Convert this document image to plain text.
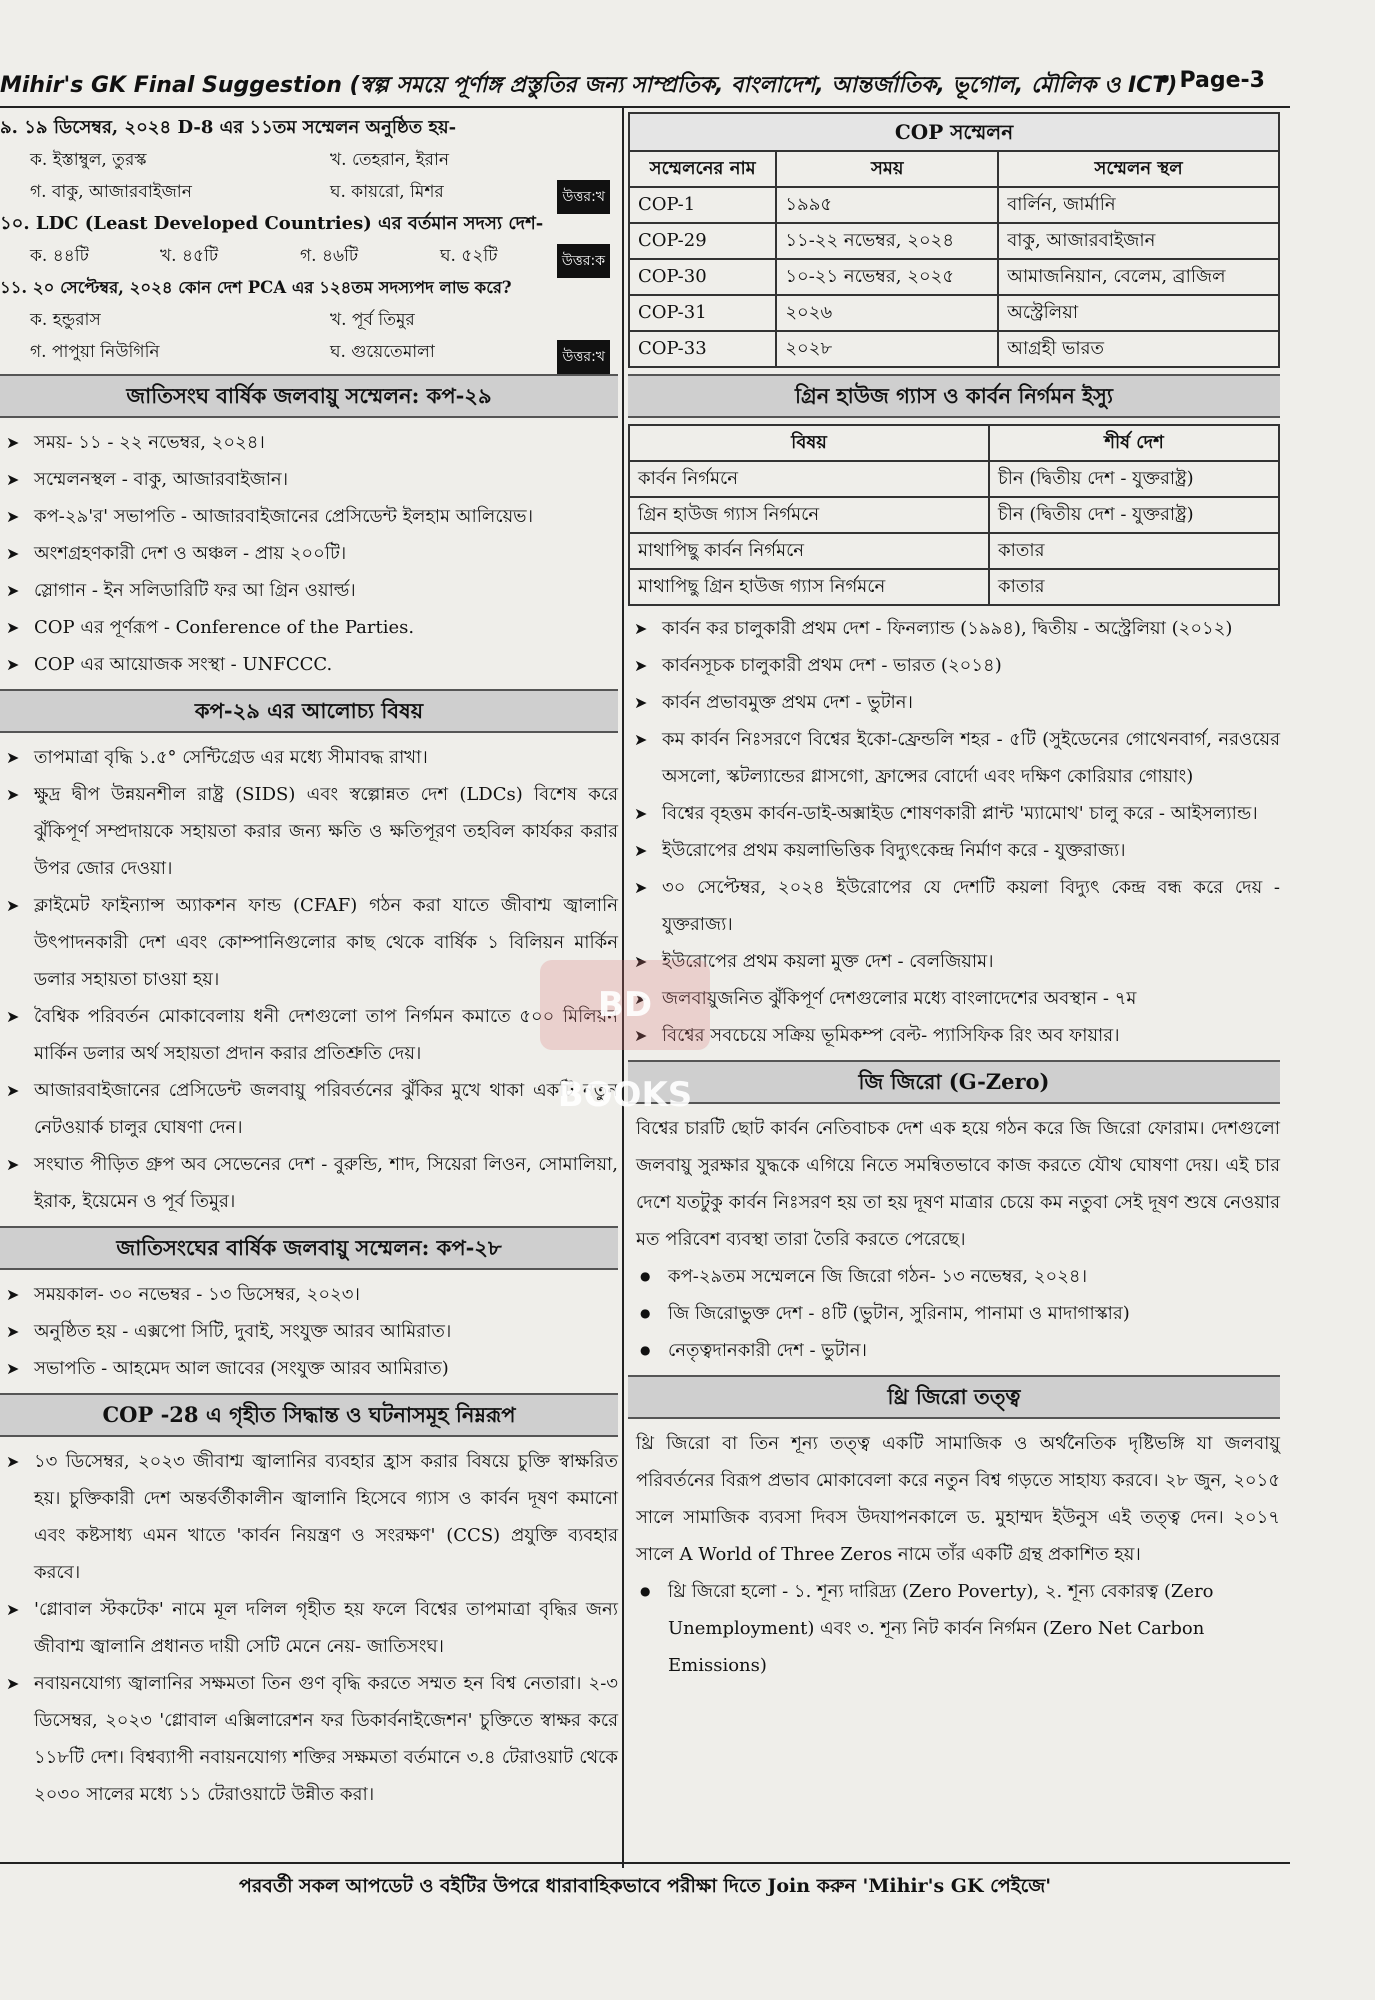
Mihir's GK Final Suggestion (স্বল্প সময়ে পূর্ণাঙ্গ প্রস্তুতির জন্য সাম্প্রতিক, বাংলাদেশ, আন্তর্জাতিক, ভূগোল, মৌলিক ও ICT)
• Page-3
৯. ১৯ ডিসেম্বর, ২০২৪ D-8 এর ১১তম সম্মেলন অনুষ্ঠিত হয়-
ক. ইস্তাম্বুল, তুরস্ক	খ. তেহরান, ইরান
গ. বাকু, আজারবাইজান	ঘ. কায়রো, মিশর	উত্তর:খ
১০. LDC (Least Developed Countries) এর বর্তমান সদস্য দেশ-
ক. ৪৪টি	খ. ৪৫টি	গ. ৪৬টি	ঘ. ৫২টি	উত্তর:ক
১১. ২০ সেপ্টেম্বর, ২০২৪ কোন দেশ PCA এর ১২৪তম সদস্যপদ লাভ করে?
ক. হন্ডুরাস	খ. পূর্ব তিমুর
গ. পাপুয়া নিউগিনি	ঘ. গুয়েতেমালা	উত্তর:খ
জাতিসংঘ বার্ষিক জলবায়ু সম্মেলন: কপ-২৯
➤ সময়- ১১ - ২২ নভেম্বর, ২০২৪।
➤ সম্মেলনস্থল - বাকু, আজারবাইজান।
➤ কপ-২৯'র' সভাপতি - আজারবাইজানের প্রেসিডেন্ট ইলহাম আলিয়েভ।
➤ অংশগ্রহণকারী দেশ ও অঞ্চল - প্রায় ২০০টি।
➤ স্লোগান - ইন সলিডারিটি ফর আ গ্রিন ওয়ার্ল্ড।
➤ COP এর পূর্ণরূপ - Conference of the Parties.
➤ COP এর আয়োজক সংস্থা - UNFCCC.
কপ-২৯ এর আলোচ্য বিষয়
➤ তাপমাত্রা বৃদ্ধি ১.৫° সেন্টিগ্রেড এর মধ্যে সীমাবদ্ধ রাখা।
➤ ক্ষুদ্র দ্বীপ উন্নয়নশীল রাষ্ট্র (SIDS) এবং স্বল্পোন্নত দেশ (LDCs) বিশেষ করে ঝুঁকিপূর্ণ সম্প্রদায়কে সহায়তা করার জন্য ক্ষতি ও ক্ষতিপূরণ তহবিল কার্যকর করার উপর জোর দেওয়া।
➤ ক্লাইমেট ফাইন্যান্স অ্যাকশন ফান্ড (CFAF) গঠন করা যাতে জীবাশ্ম জ্বালানি উৎপাদনকারী দেশ এবং কোম্পানিগুলোর কাছ থেকে বার্ষিক ১ বিলিয়ন মার্কিন ডলার সহায়তা চাওয়া হয়।
➤ বৈশ্বিক পরিবর্তন মোকাবেলায় ধনী দেশগুলো তাপ নির্গমন কমাতে ৫০০ মিলিয়ন মার্কিন ডলার অর্থ সহায়তা প্রদান করার প্রতিশ্রুতি দেয়।
➤ আজারবাইজানের প্রেসিডেন্ট জলবায়ু পরিবর্তনের ঝুঁকির মুখে থাকা একটি নতুন নেটওয়ার্ক চালুর ঘোষণা দেন।
➤ সংঘাত পীড়িত গ্রুপ অব সেভেনের দেশ - বুরুন্ডি, শাদ, সিয়েরা লিওন, সোমালিয়া, ইরাক, ইয়েমেন ও পূর্ব তিমুর।
জাতিসংঘের বার্ষিক জলবায়ু সম্মেলন: কপ-২৮
➤ সময়কাল- ৩০ নভেম্বর - ১৩ ডিসেম্বর, ২০২৩।
➤ অনুষ্ঠিত হয় - এক্সপো সিটি, দুবাই, সংযুক্ত আরব আমিরাত।
➤ সভাপতি - আহমেদ আল জাবের (সংযুক্ত আরব আমিরাত)
COP -28 এ গৃহীত সিদ্ধান্ত ও ঘটনাসমূহ নিম্নরূপ
➤ ১৩ ডিসেম্বর, ২০২৩ জীবাশ্ম জ্বালানির ব্যবহার হ্রাস করার বিষয়ে চুক্তি স্বাক্ষরিত হয়। চুক্তিকারী দেশ অন্তর্বর্তীকালীন জ্বালানি হিসেবে গ্যাস ও কার্বন দূষণ কমানো এবং কষ্টসাধ্য এমন খাতে 'কার্বন নিয়ন্ত্রণ ও সংরক্ষণ' (CCS) প্রযুক্তি ব্যবহার করবে।
➤ 'গ্লোবাল স্টকটেক' নামে মূল দলিল গৃহীত হয় ফলে বিশ্বের তাপমাত্রা বৃদ্ধির জন্য জীবাশ্ম জ্বালানি প্রধানত দায়ী সেটি মেনে নেয়- জাতিসংঘ।
➤ নবায়নযোগ্য জ্বালানির সক্ষমতা তিন গুণ বৃদ্ধি করতে সম্মত হন বিশ্ব নেতারা। ২-৩ ডিসেম্বর, ২০২৩ 'গ্লোবাল এক্সিলারেশন ফর ডিকার্বনাইজেশন' চুক্তিতে স্বাক্ষর করে ১১৮টি দেশ। বিশ্বব্যাপী নবায়নযোগ্য শক্তির সক্ষমতা বর্তমানে ৩.৪ টেরাওয়াট থেকে ২০৩০ সালের মধ্যে ১১ টেরাওয়াটে উন্নীত করা।
COP সম্মেলন
সম্মেলনের নাম	সময়	সম্মেলন স্থল
COP-1	১৯৯৫	বার্লিন, জার্মানি
COP-29	১১-২২ নভেম্বর, ২০২৪	বাকু, আজারবাইজান
COP-30	১০-২১ নভেম্বর, ২০২৫	আমাজনিয়ান, বেলেম, ব্রাজিল
COP-31	২০২৬	অস্ট্রেলিয়া
COP-33	২০২৮	আগ্রহী ভারত
গ্রিন হাউজ গ্যাস ও কার্বন নির্গমন ইস্যু
বিষয়	শীর্ষ দেশ
কার্বন নির্গমনে	চীন (দ্বিতীয় দেশ - যুক্তরাষ্ট্র)
গ্রিন হাউজ গ্যাস নির্গমনে	চীন (দ্বিতীয় দেশ - যুক্তরাষ্ট্র)
মাথাপিছু কার্বন নির্গমনে	কাতার
মাথাপিছু গ্রিন হাউজ গ্যাস নির্গমনে	কাতার
➤ কার্বন কর চালুকারী প্রথম দেশ - ফিনল্যান্ড (১৯৯৪), দ্বিতীয় - অস্ট্রেলিয়া (২০১২)
➤ কার্বনসূচক চালুকারী প্রথম দেশ - ভারত (২০১৪)
➤ কার্বন প্রভাবমুক্ত প্রথম দেশ - ভুটান।
➤ কম কার্বন নিঃসরণে বিশ্বের ইকো-ফ্রেন্ডলি শহর - ৫টি (সুইডেনের গোথেনবার্গ, নরওয়ের অসলো, স্কটল্যান্ডের গ্লাসগো, ফ্রান্সের বোর্দো এবং দক্ষিণ কোরিয়ার গোয়াং)
➤ বিশ্বের বৃহত্তম কার্বন-ডাই-অক্সাইড শোষণকারী প্লান্ট 'ম্যামোথ' চালু করে - আইসল্যান্ড।
➤ ইউরোপের প্রথম কয়লাভিত্তিক বিদ্যুৎকেন্দ্র নির্মাণ করে - যুক্তরাজ্য।
➤ ৩০ সেপ্টেম্বর, ২০২৪ ইউরোপের যে দেশটি কয়লা বিদ্যুৎ কেন্দ্র বন্ধ করে দেয় - যুক্তরাজ্য।
➤ ইউরোপের প্রথম কয়লা মুক্ত দেশ - বেলজিয়াম।
➤ জলবায়ুজনিত ঝুঁকিপূর্ণ দেশগুলোর মধ্যে বাংলাদেশের অবস্থান - ৭ম
➤ বিশ্বের সবচেয়ে সক্রিয় ভূমিকম্প বেল্ট- প্যাসিফিক রিং অব ফায়ার।
জি জিরো (G-Zero)
বিশ্বের চারটি ছোট কার্বন নেতিবাচক দেশ এক হয়ে গঠন করে জি জিরো ফোরাম। দেশগুলো জলবায়ু সুরক্ষার যুদ্ধকে এগিয়ে নিতে সমন্বিতভাবে কাজ করতে যৌথ ঘোষণা দেয়। এই চার দেশে যতটুকু কার্বন নিঃসরণ হয় তা হয় দূষণ মাত্রার চেয়ে কম নতুবা সেই দূষণ শুষে নেওয়ার মত পরিবেশ ব্যবস্থা তারা তৈরি করতে পেরেছে।
● কপ-২৯তম সম্মেলনে জি জিরো গঠন- ১৩ নভেম্বর, ২০২৪।
● জি জিরোভুক্ত দেশ - ৪টি (ভুটান, সুরিনাম, পানামা ও মাদাগাস্কার)
● নেতৃত্বদানকারী দেশ - ভুটান।
থ্রি জিরো তত্ত্ব
থ্রি জিরো বা তিন শূন্য তত্ত্ব একটি সামাজিক ও অর্থনৈতিক দৃষ্টিভঙ্গি যা জলবায়ু পরিবর্তনের বিরূপ প্রভাব মোকাবেলা করে নতুন বিশ্ব গড়তে সাহায্য করবে। ২৮ জুন, ২০১৫ সালে সামাজিক ব্যবসা দিবস উদযাপনকালে ড. মুহাম্মদ ইউনুস এই তত্ত্ব দেন। ২০১৭ সালে A World of Three Zeros নামে তাঁর একটি গ্রন্থ প্রকাশিত হয়।
● থ্রি জিরো হলো - ১. শূন্য দারিদ্র্য (Zero Poverty), ২. শূন্য বেকারত্ব (Zero Unemployment) এবং ৩. শূন্য নিট কার্বন নির্গমন (Zero Net Carbon Emissions)
BD BOOKS
পরবর্তী সকল আপডেট ও বইটির উপরে ধারাবাহিকভাবে পরীক্ষা দিতে Join করুন 'Mihir's GK পেইজে'
